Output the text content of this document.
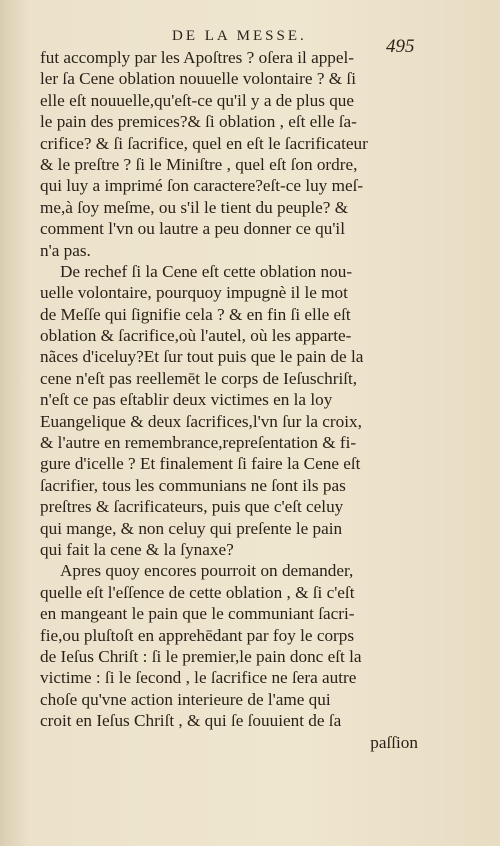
DE LA MESSE.	495
fut accomply par les Apoſtres ? oſera il appel-
ler ſa Cene oblation nouuelle volontaire ? & ſi
elle eſt nouuelle,qu'eſt-ce qu'il y a de plus que
le pain des premices?& ſi oblation , eſt elle ſa-
crifice? & ſi ſacrifice, quel en eſt le ſacrificateur
& le preſtre ? ſi le Miniſtre , quel eſt ſon ordre,
qui luy a imprimé ſon caractere?eſt-ce luy meſ-
me,à ſoy meſme, ou s'il le tient du peuple? &
comment l'vn ou lautre a peu donner ce qu'il
n'a pas.
De rechef ſi la Cene eſt cette oblation nou-
uelle volontaire, pourquoy impugnè il le mot
de Meſſe qui ſignifie cela ? & en fin ſi elle eſt
oblation & ſacrifice,où l'autel, où les apparte-
nãces d'iceluy?Et ſur tout puis que le pain de la
cene n'eſt pas reellemēt le corps de Ieſuschriſt,
n'eſt ce pas eſtablir deux victimes en la loy
Euangelique & deux ſacrifices,l'vn ſur la croix,
& l'autre en remembrance,repreſentation & fi-
gure d'icelle ? Et finalement ſi faire la Cene eſt
ſacrifier, tous les communians ne ſont ils pas
preſtres & ſacrificateurs, puis que c'eſt celuy
qui mange, & non celuy qui preſente le pain
qui fait la cene & la ſynaxe?
Apres quoy encores pourroit on demander,
quelle eſt l'eſſence de cette oblation , & ſi c'eſt
en mangeant le pain que le communiant ſacri-
fie,ou pluſtoſt en apprehēdant par foy le corps
de Ieſus Chriſt : ſi le premier,le pain donc eſt la
victime : ſi le ſecond , le ſacrifice ne ſera autre
choſe qu'vne action interieure de l'ame qui
croit en Ieſus Chriſt , & qui ſe ſouuient de ſa
paſſion
